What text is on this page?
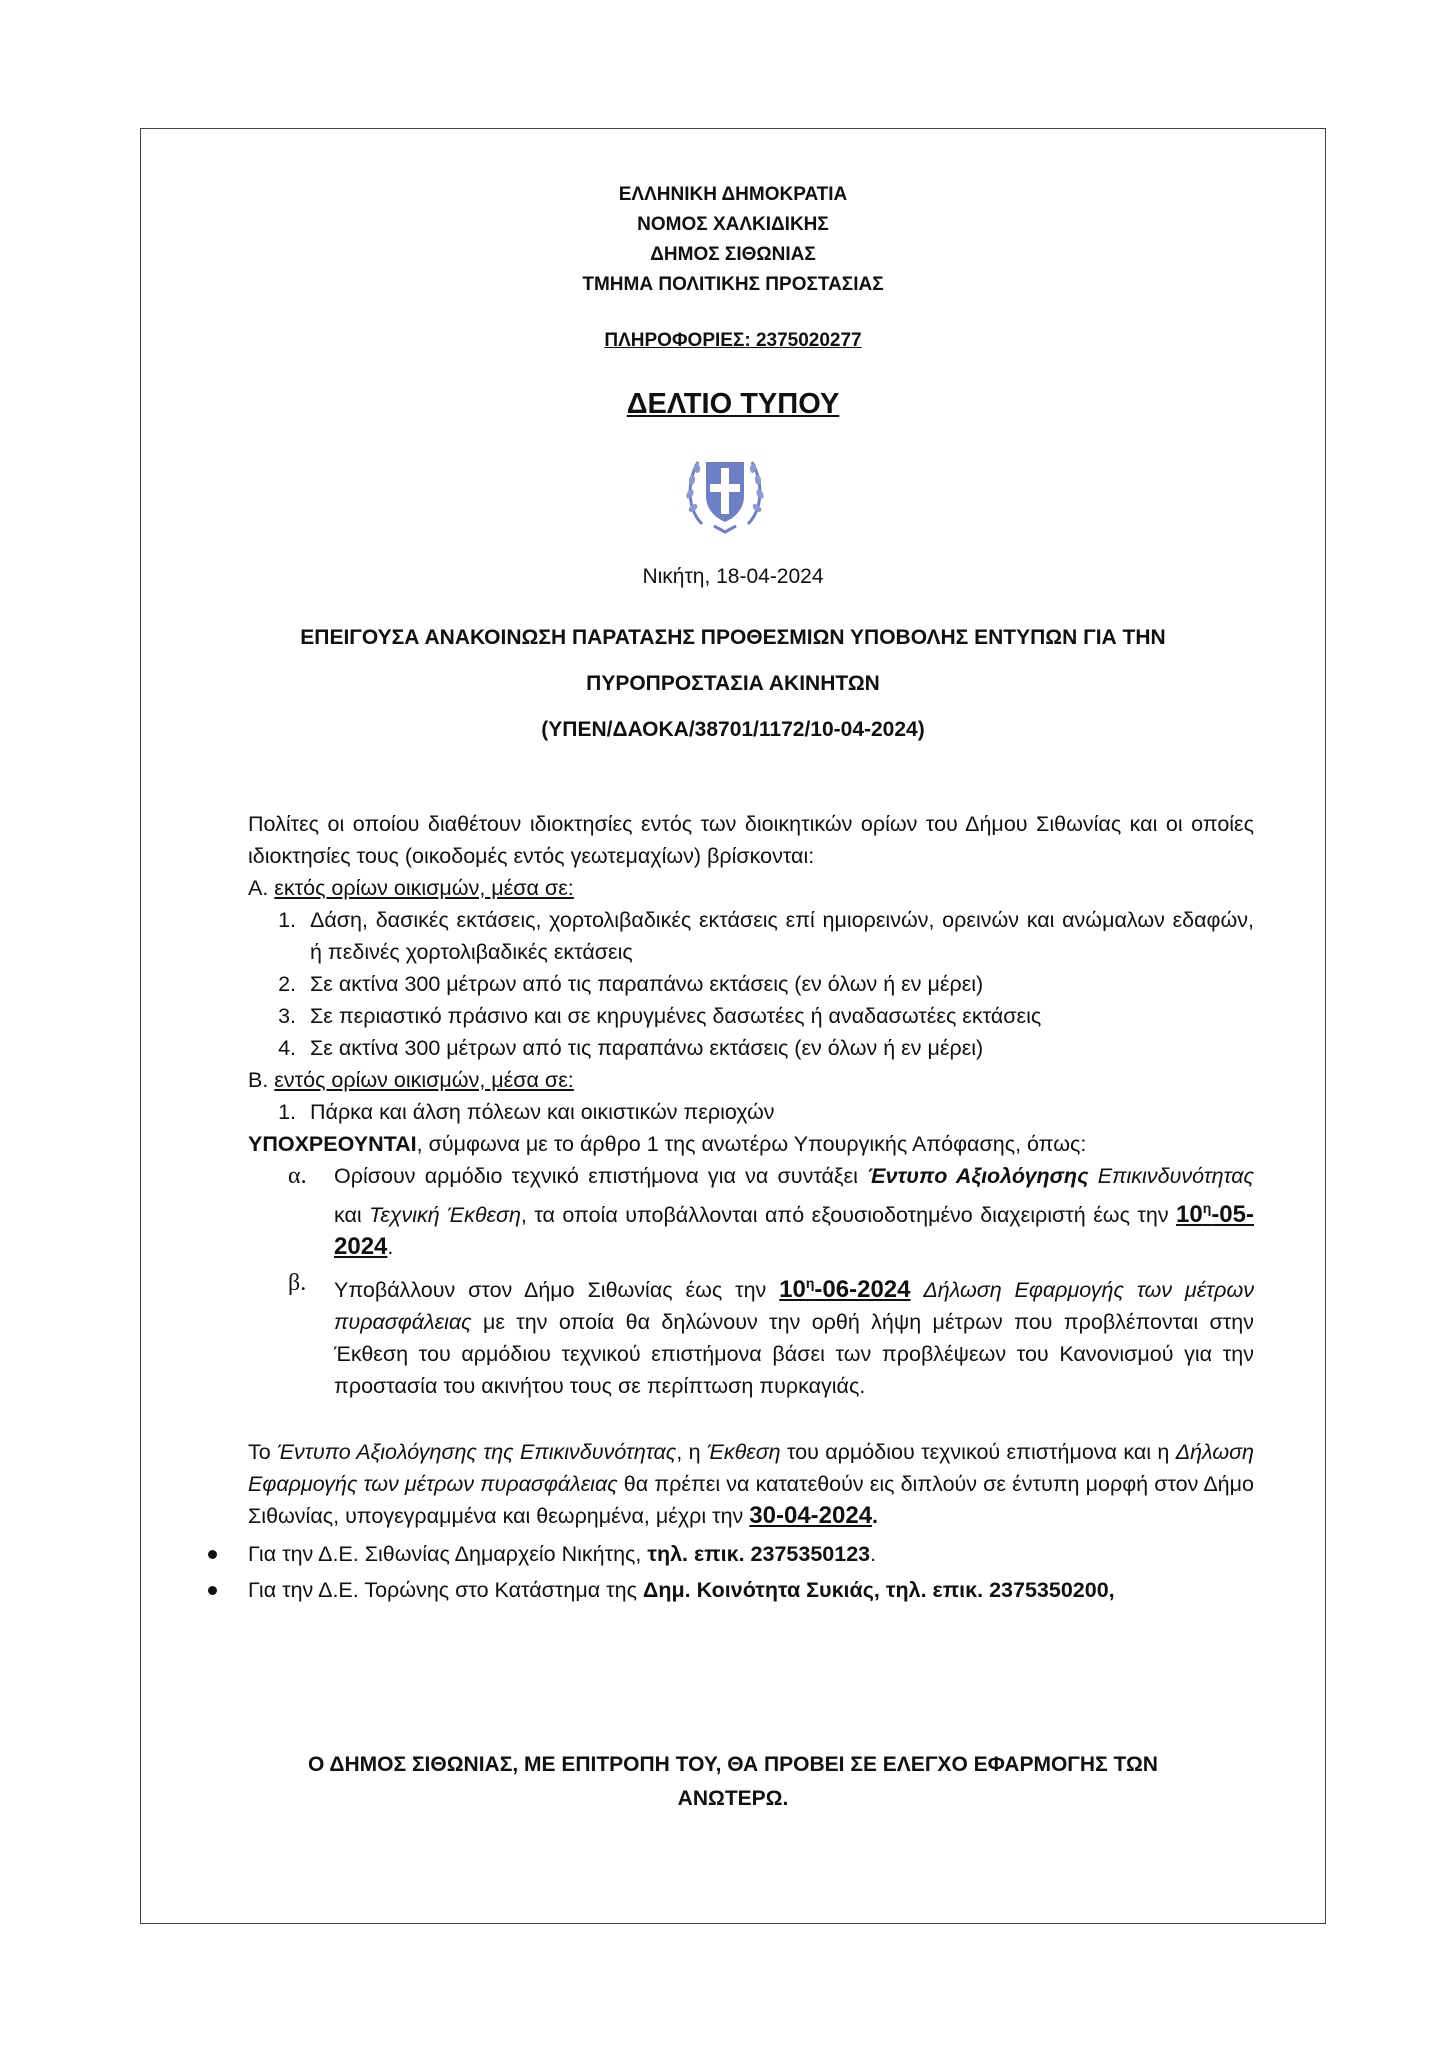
ΕΛΛΗΝΙΚΗ ΔΗΜΟΚΡΑΤΙΑ
ΝΟΜΟΣ ΧΑΛΚΙΔΙΚΗΣ
ΔΗΜΟΣ ΣΙΘΩΝΙΑΣ
ΤΜΗΜΑ ΠΟΛΙΤΙΚΗΣ ΠΡΟΣΤΑΣΙΑΣ
ΠΛΗΡΟΦΟΡΙΕΣ: 2375020277
ΔΕΛΤΙΟ ΤΥΠΟΥ
Νικήτη, 18-04-2024
ΕΠΕΙΓΟΥΣΑ ΑΝΑΚΟΙΝΩΣΗ ΠΑΡΑΤΑΣΗΣ ΠΡΟΘΕΣΜΙΩΝ ΥΠΟΒΟΛΗΣ ΕΝΤΥΠΩΝ ΓΙΑ ΤΗΝ
ΠΥΡΟΠΡΟΣΤΑΣΙΑ ΑΚΙΝΗΤΩΝ
(ΥΠΕΝ/ΔΑΟΚΑ/38701/1172/10-04-2024)
Πολίτες οι οποίου διαθέτουν ιδιοκτησίες εντός των διοικητικών ορίων του Δήμου Σιθωνίας και οι οποίες ιδιοκτησίες τους (οικοδομές εντός γεωτεμαχίων) βρίσκονται:
Α. εκτός ορίων οικισμών, μέσα σε:
1. Δάση, δασικές εκτάσεις, χορτολιβαδικές εκτάσεις επί ημιορεινών, ορεινών και ανώμαλων εδαφών, ή πεδινές χορτολιβαδικές εκτάσεις
2. Σε ακτίνα 300 μέτρων από τις παραπάνω εκτάσεις (εν όλων ή εν μέρει)
3. Σε περιαστικό πράσινο και σε κηρυγμένες δασωτέες ή αναδασωτέες εκτάσεις
4. Σε ακτίνα 300 μέτρων από τις παραπάνω εκτάσεις (εν όλων ή εν μέρει)
Β. εντός ορίων οικισμών, μέσα σε:
1. Πάρκα και άλση πόλεων και οικιστικών περιοχών
ΥΠΟΧΡΕΟΥΝΤΑΙ, σύμφωνα με το άρθρο 1 της ανωτέρω Υπουργικής Απόφασης, όπως:
α. Ορίσουν αρμόδιο τεχνικό επιστήμονα για να συντάξει Έντυπο Αξιολόγησης Επικινδυνότητας και Τεχνική Έκθεση, τα οποία υποβάλλονται από εξουσιοδοτημένο διαχειριστή έως την $10^\eta-05-2024$.
β. Υποβάλλουν στον Δήμο Σιθωνίας έως την $10^\eta-06-2024$ Δήλωση Εφαρμογής των μέτρων πυρασφάλειας με την οποία θα δηλώνουν την ορθή λήψη μέτρων που προβλέπονται στην Έκθεση του αρμόδιου τεχνικού επιστήμονα βάσει των προβλέψεων του Κανονισμού για την προστασία του ακινήτου τους σε περίπτωση πυρκαγιάς.
Το Έντυπο Αξιολόγησης της Επικινδυνότητας, η Έκθεση του αρμόδιου τεχνικού επιστήμονα και η Δήλωση Εφαρμογής των μέτρων πυρασφάλειας θα πρέπει να κατατεθούν εις διπλούν σε έντυπη μορφή στον Δήμο Σιθωνίας, υπογεγραμμένα και θεωρημένα, μέχρι την 30-04-2024.
Για την Δ.Ε. Σιθωνίας Δημαρχείο Νικήτης, τηλ. επικ. 2375350123.
Για την Δ.Ε. Τορώνης στο Κατάστημα της Δημ. Κοινότητα Συκιάς, τηλ. επικ. 2375350200,
Ο ΔΗΜΟΣ ΣΙΘΩΝΙΑΣ, ΜΕ ΕΠΙΤΡΟΠΗ ΤΟΥ, ΘΑ ΠΡΟΒΕΙ ΣΕ ΕΛΕΓΧΟ ΕΦΑΡΜΟΓΗΣ ΤΩΝ
ΑΝΩΤΕΡΩ.
